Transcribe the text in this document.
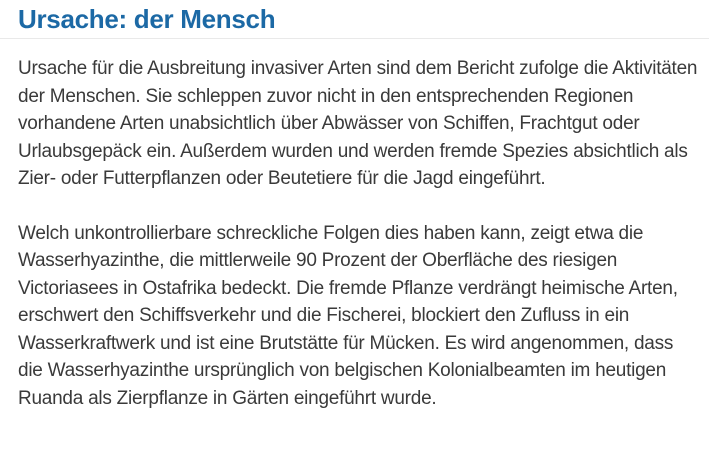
Ursache: der Mensch

Ursache für die Ausbreitung invasiver Arten sind dem Bericht zufolge die Aktivitäten der Menschen. Sie schleppen zuvor nicht in den entsprechenden Regionen vorhandene Arten unabsichtlich über Abwässer von Schiffen, Frachtgut oder Urlaubsgepäck ein. Außerdem wurden und werden fremde Spezies absichtlich als Zier- oder Futterpflanzen oder Beutetiere für die Jagd eingeführt.

Welch unkontrollierbare schreckliche Folgen dies haben kann, zeigt etwa die Wasserhyazinthe, die mittlerweile 90 Prozent der Oberfläche des riesigen Victoriasees in Ostafrika bedeckt. Die fremde Pflanze verdrängt heimische Arten, erschwert den Schiffsverkehr und die Fischerei, blockiert den Zufluss in ein Wasserkraftwerk und ist eine Brutstätte für Mücken. Es wird angenommen, dass die Wasserhyazinthe ursprünglich von belgischen Kolonialbeamten im heutigen Ruanda als Zierpflanze in Gärten eingeführt wurde.
